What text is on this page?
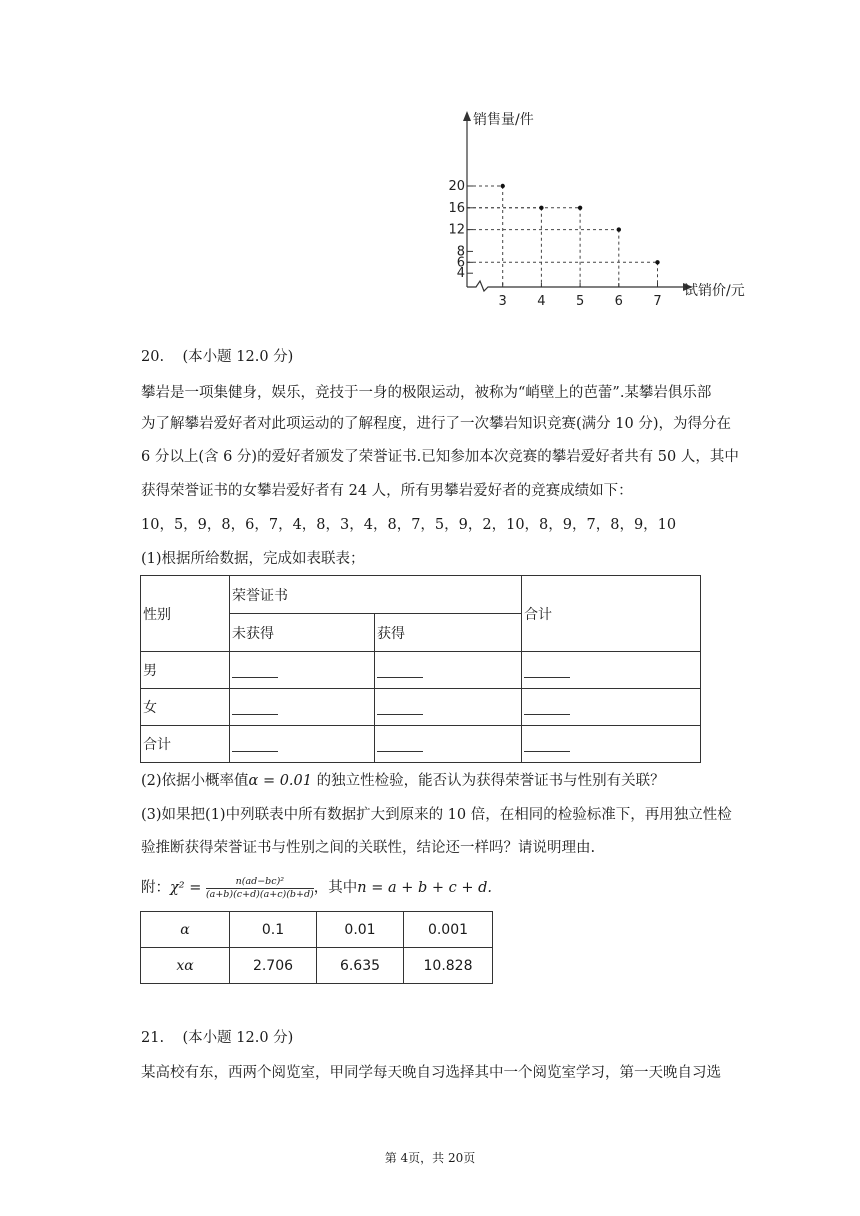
3 4 5 6 7
4
6
8
12
16
20
销售量/件
试销价/元
20. (本小题 12.0 分)
攀岩是一项集健身，娱乐，竞技于一身的极限运动，被称为“峭壁上的芭蕾”.某攀岩俱乐部
为了解攀岩爱好者对此项运动的了解程度，进行了一次攀岩知识竞赛(满分 10 分)，为得分在
6 分以上(含 6 分)的爱好者颁发了荣誉证书.已知参加本次竞赛的攀岩爱好者共有 50 人，其中
获得荣誉证书的女攀岩爱好者有 24 人，所有男攀岩爱好者的竞赛成绩如下：
10，5，9，8，6，7，4，8，3，4，8，7，5，9，2，10，8，9，7，8，9，10
(1)根据所给数据，完成如表联表；
性别	荣誉证书		合计
	未获得	获得	
男			
女			
合计			
(2)依据小概率值α = 0.01 的独立性检验，能否认为获得荣誉证书与性别有关联？
(3)如果把(1)中列联表中所有数据扩大到原来的 10 倍，在相同的检验标准下，再用独立性检
验推断获得荣誉证书与性别之间的关联性，结论还一样吗？请说明理由.
附：$\chi^2 = \frac{\text{n(ad−bc)²}}{(a+b)(c+d)(a+c)(b+d)}$ ，其中n = a + b + c + d.
α	0.1	0.01	0.001
xα	2.706	6.635	10.828
21. (本小题 12.0 分)
某高校有东，西两个阅览室，甲同学每天晚自习选择其中一个阅览室学习，第一天晚自习选
第 4页，共 20页
